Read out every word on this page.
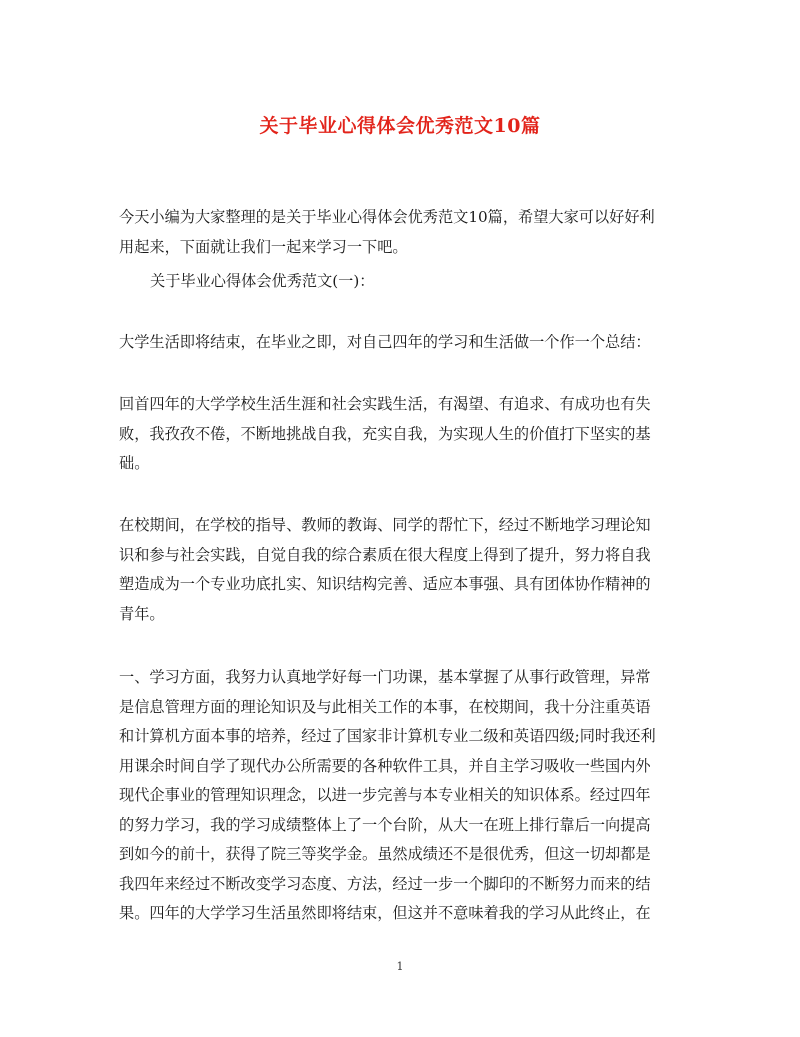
关于毕业心得体会优秀范文10篇
今天小编为大家整理的是关于毕业心得体会优秀范文10篇，希望大家可以好好利
用起来，下面就让我们一起来学习一下吧。
关于毕业心得体会优秀范文(一)：
大学生活即将结束，在毕业之即，对自己四年的学习和生活做一个作一个总结：
回首四年的大学学校生活生涯和社会实践生活，有渴望、有追求、有成功也有失
败，我孜孜不倦，不断地挑战自我，充实自我，为实现人生的价值打下坚实的基
础。
在校期间，在学校的指导、教师的教诲、同学的帮忙下，经过不断地学习理论知
识和参与社会实践，自觉自我的综合素质在很大程度上得到了提升，努力将自我
塑造成为一个专业功底扎实、知识结构完善、适应本事强、具有团体协作精神的
青年。
一、学习方面，我努力认真地学好每一门功课，基本掌握了从事行政管理，异常
是信息管理方面的理论知识及与此相关工作的本事，在校期间，我十分注重英语
和计算机方面本事的培养，经过了国家非计算机专业二级和英语四级;同时我还利
用课余时间自学了现代办公所需要的各种软件工具，并自主学习吸收一些国内外
现代企事业的管理知识理念，以进一步完善与本专业相关的知识体系。经过四年
的努力学习，我的学习成绩整体上了一个台阶，从大一在班上排行靠后一向提高
到如今的前十，获得了院三等奖学金。虽然成绩还不是很优秀，但这一切却都是
我四年来经过不断改变学习态度、方法，经过一步一个脚印的不断努力而来的结
果。四年的大学学习生活虽然即将结束，但这并不意味着我的学习从此终止，在
1
